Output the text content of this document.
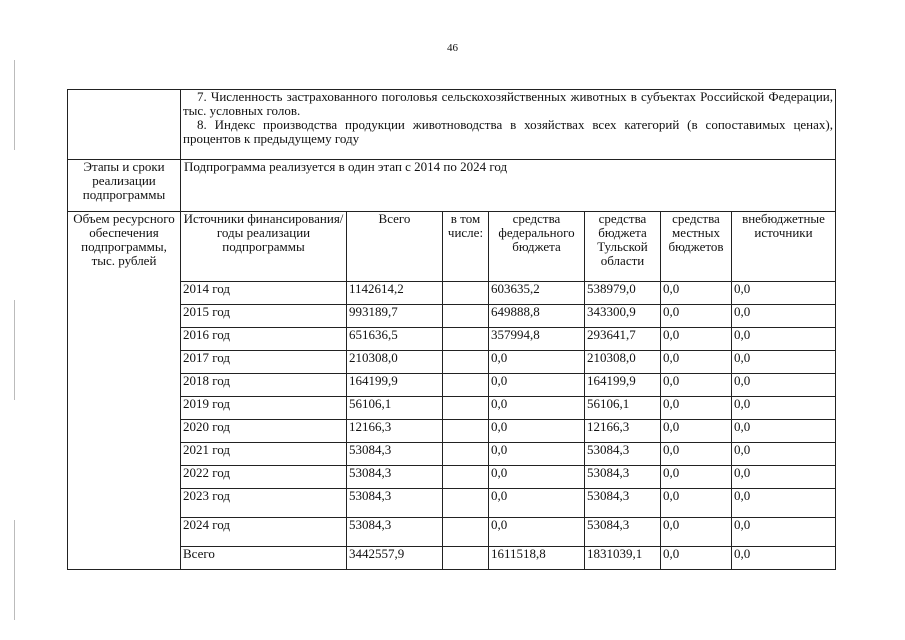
46

	7. Численность застрахованного поголовья сельскохозяйственных животных в субъектах Российской Федерации, тыс. условных голов.

8. Индекс производства продукции животноводства в хозяйствах всех категорий (в сопоставимых ценах), процентов к предыдущему году						

Этапы и сроки реализации подпрограммы	Подпрограмма реализуется в один этап с 2014 по 2024 год						
Объем ресурсного обеспечения подпрограммы, тыс. рублей	Источники финансирования/годы реализации подпрограммы	Всего	в том числе:	средства федерального бюджета	средства бюджета Тульской области	средства местных бюджетов	внебюджетные источники
	2014 год	1142614,2		603635,2	538979,0	0,0	0,0
	2015 год	993189,7		649888,8	343300,9	0,0	0,0
	2016 год	651636,5		357994,8	293641,7	0,0	0,0
	2017 год	210308,0		0,0	210308,0	0,0	0,0
	2018 год	164199,9		0,0	164199,9	0,0	0,0
	2019 год	56106,1		0,0	56106,1	0,0	0,0
	2020 год	12166,3		0,0	12166,3	0,0	0,0
	2021 год	53084,3		0,0	53084,3	0,0	0,0
	2022 год	53084,3		0,0	53084,3	0,0	0,0
	2023 год	53084,3		0,0	53084,3	0,0	0,0
	2024 год	53084,3		0,0	53084,3	0,0	0,0
	Всего	3442557,9		1611518,8	1831039,1	0,0	0,0
